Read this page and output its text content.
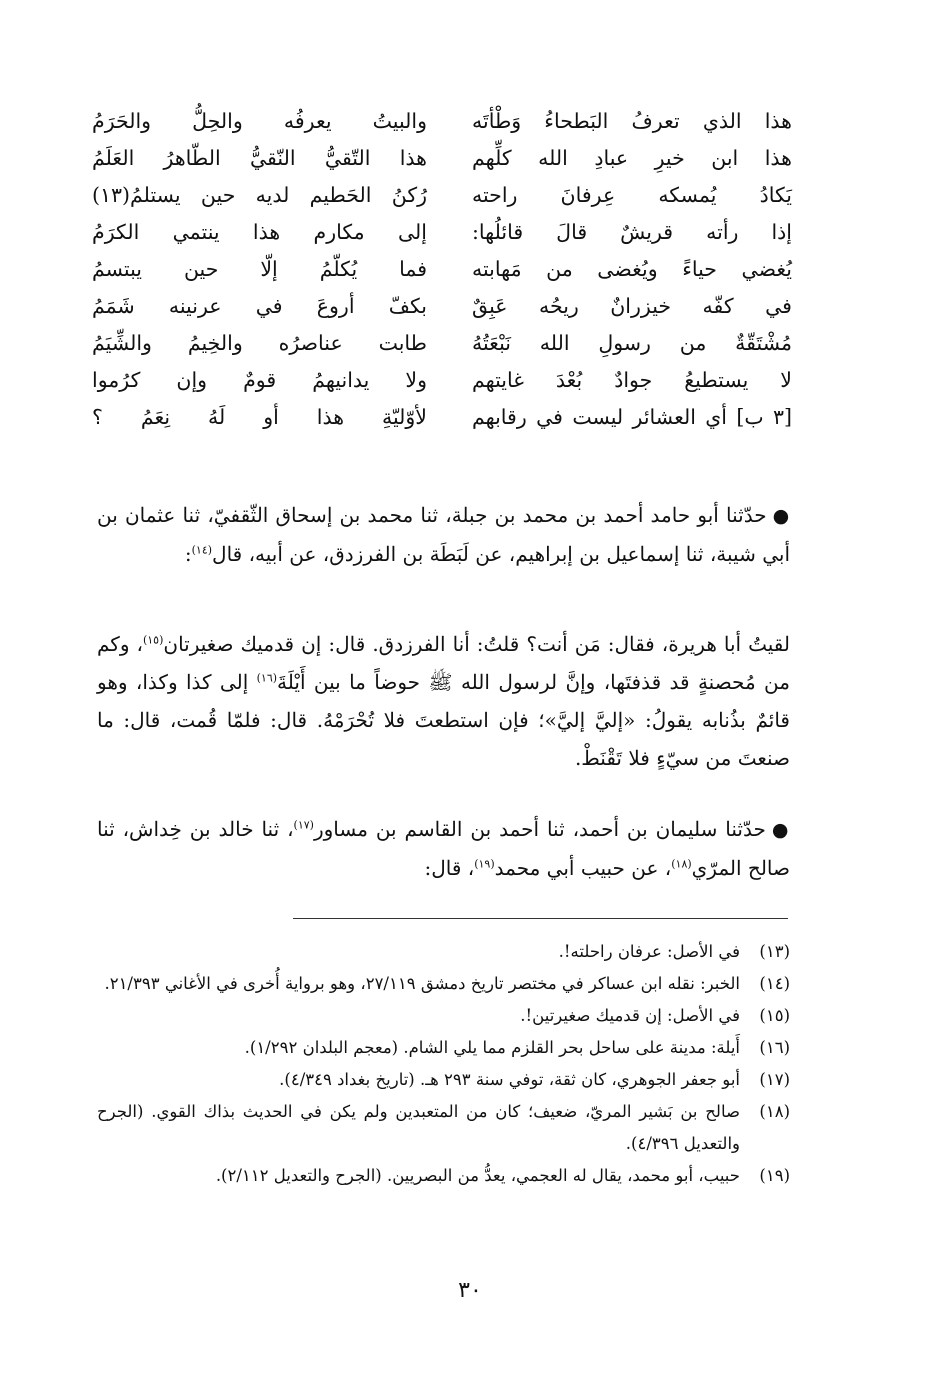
هذا الذي تعرفُ البَطحاءُ وَطْأتَه
هذا ابن خيرِ عبادِ الله كلِّهم
يَكادُ يُمسكه عِرفانَ راحته
إذا رأته قريشٌ قالَ قائلُها:
يُغضي حياءً ويُغضى من مَهابته
في كفّه خيزرانٌ ريحُه عَبِقٌ
مُشْتَقّةٌ من رسولِ الله نَبْعَتُهُ
لا يستطيعُ جوادٌ بُعْدَ غايتهم
[٣ ب] أي العشائر ليست في رقابهم
والبيتُ يعرفُه والحِلُّ والحَرَمُ
هذا التّقيُّ النّقيُّ الطّاهرُ العَلَمُ
رُكنُ الحَطيم لديه حين يستلمُ(١٣)
إلى مكارم هذا ينتمي الكرَمُ
فما يُكلّمُ إلّا حين يبتسمُ
بكفّ أروعَ في عرنينه شَمَمُ
طابت عناصرُه والخِيمُ والشِّيَمُ
ولا يدانيهمُ قومٌ وإن كرُموا
لأوّليّةِ هذا أو لَهُ نِعَمُ ؟

●حدّثنا أبو حامد أحمد بن محمد بن جبلة، ثنا محمد بن إسحاق الثّقفيّ، ثنا عثمان بن أبي شيبة، ثنا إسماعيل بن إبراهيم، عن لَبَطَة بن الفرزدق، عن أبيه، قال$^{(١٤)}$:

لقيتُ أبا هريرة، فقال: مَن أنت؟ قلتُ: أنا الفرزدق. قال: إن قدميك صغيرتان$^{(١٥)}$، وكم من مُحصنةٍ قد قذفتَها، وإنَّ لرسول الله ﷺ حوضاً ما بين أَيْلَةَ$^{(١٦)}$ إلى كذا وكذا، وهو قائمٌ بذُنابه يقولُ: «إليَّ إليَّ»؛ فإن استطعتَ فلا تُحْرَمْهُ. قال: فلمّا قُمت، قال: ما صنعتَ من سيّءٍ فلا تَقْنَطْ.

●حدّثنا سليمان بن أحمد، ثنا أحمد بن القاسم بن مساور$^{(١٧)}$، ثنا خالد بن خِداش، ثنا صالح المرّي$^{(١٨)}$، عن حبيب أبي محمد$^{(١٩)}$، قال:

(١٣)
في الأصل: عرفان راحلته!.
(١٤)
الخبر: نقله ابن عساكر في مختصر تاريخ دمشق ٢٧/١١٩، وهو برواية أُخرى في الأغاني ٢١/٣٩٣.
(١٥)
في الأصل: إن قدميك صغيرتين!.
(١٦)
أَيلة: مدينة على ساحل بحر القلزم مما يلي الشام. (معجم البلدان ١/٢٩٢).
(١٧)
أبو جعفر الجوهري، كان ثقة، توفي سنة ٢٩٣ هـ. (تاريخ بغداد ٤/٣٤٩).
(١٨)
صالح بن بَشير المريّ، ضعيف؛ كان من المتعبدين ولم يكن في الحديث بذاك القوي. (الجرح والتعديل ٤/٣٩٦).
(١٩)
حبيب، أبو محمد، يقال له العجمي، يعدُّ من البصريين. (الجرح والتعديل ٢/١١٢).
٣٠
